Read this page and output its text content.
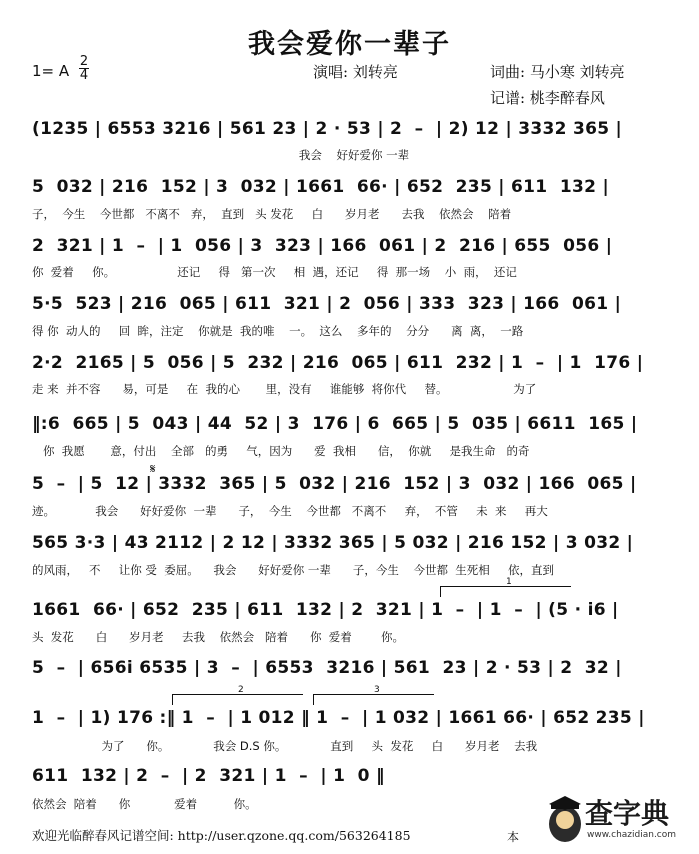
我会爱你一辈子
1= A
2
4	演唱: 刘转亮	词曲: 马小寒 刘转亮
记谱: 桃李醉春风
(1235 | 6553 3216 | 561 23 | 2 · 53 | 2  –  | 2) 12 | 3332 365 |
我会    好好爱你 一辈
5  032 | 216  152 | 3  032 | 1661  66· | 652  235 | 611  132 |
子，  今生    今世都   不离不   弃，  直到   头 发花     白      岁月老      去我    依然会    陪着
2  321 | 1  –  | 1  056 | 3  323 | 166  061 | 2  216 | 655  056 |
你  爱着     你。                 还记     得   第一次     相  遇，还记     得  那一场    小  雨，  还记
5·5  523 | 216  065 | 611  321 | 2  056 | 333  323 | 166  061 |
得 你  动人的     回  眸，注定    你就是  我的唯    一。  这么    多年的    分分      离  离，  一路
2·2  2165 | 5  056 | 5  232 | 216  065 | 611  232 | 1  –  | 1  176 |
走 来  并不容      易，可是     在  我的心       里，没有     谁能够  将你代     替。                  为了
‖:6  665 | 5  043 | 44  52 | 3  176 | 6  665 | 5  035 | 6611  165 |
你  我愿       意，付出    全部   的勇     气，因为      爱  我相      信，  你就     是我生命   的奇
𝄋
5  –  | 5  12 | 3332  365 | 5  032 | 216  152 | 3  032 | 166  065 |
迹。           我会      好好爱你  一辈      子，  今生    今世都   不离不     弃，  不管     未  来     再大
565 3·3 | 43 2112 | 2 12 | 3332 365 | 5 032 | 216 152 | 3 032 |
的风雨，   不     让你 受  委屈。    我会      好好爱你 一辈      子，今生    今世都  生死相     依，直到
1
1661  66· | 652  235 | 611  132 | 2  321 | 1  –  | 1  –  | (5 · i6 |
头  发花      白      岁月老     去我    依然会   陪着      你  爱着        你。
5  –  | 656i 6535 | 3  –  | 6553  3216 | 561  23 | 2 · 53 | 2  32 |
2	3
1  –  | 1) 176 :‖ 1  –  | 1 012 ‖ 1  –  | 1 032 | 1661 66· | 652 235 |
为了      你。            我会 D.S 你。            直到     头  发花     白      岁月老    去我
611  132 | 2  –  | 2  321 | 1  –  | 1  0 ‖
依然会  陪着      你            爱着          你。
欢迎光临醉春风记谱空间: http://user.qzone.qq.com/563264185	本
查字典
www.chazidian.com
